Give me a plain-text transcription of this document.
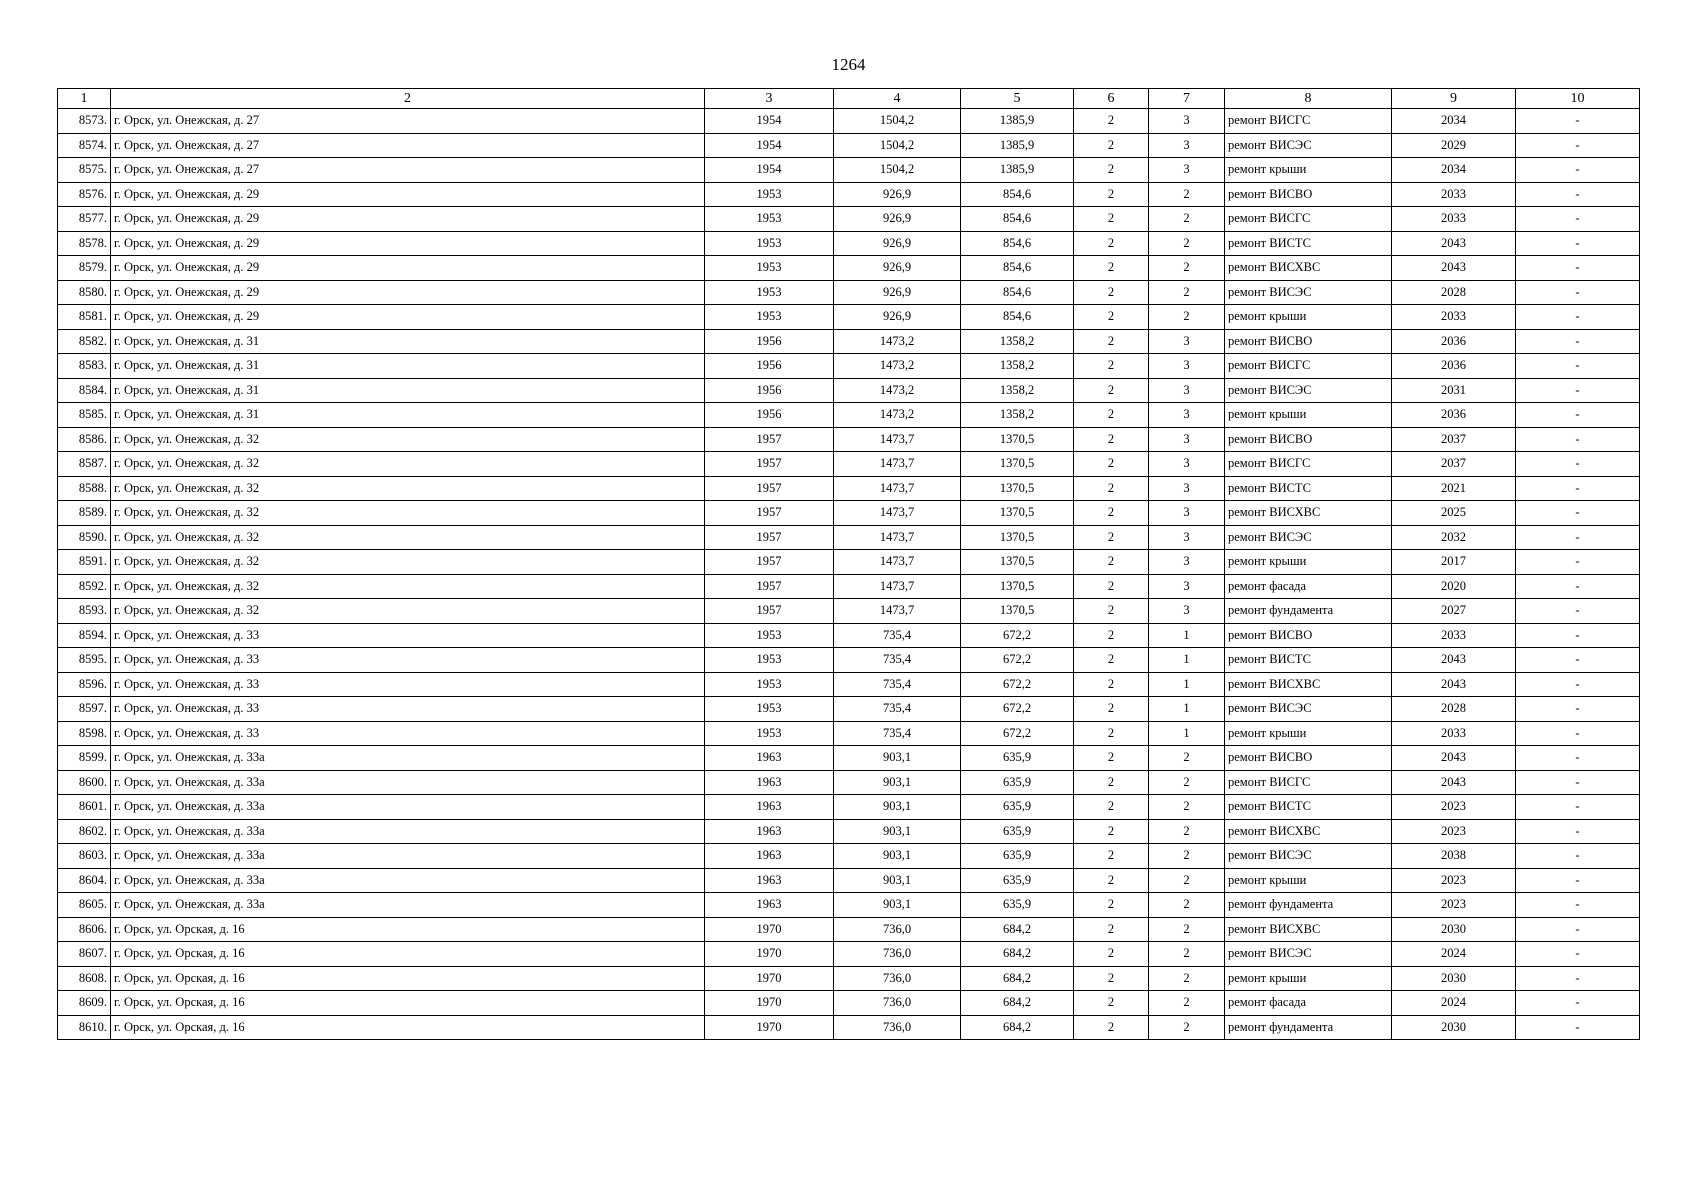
1264
1	2	3	4	5	6	7	8	9	10
8573.	г. Орск, ул. Онежская, д. 27	1954	1504,2	1385,9	2	3	ремонт ВИСГС	2034	-
8574.	г. Орск, ул. Онежская, д. 27	1954	1504,2	1385,9	2	3	ремонт ВИСЭС	2029	-
8575.	г. Орск, ул. Онежская, д. 27	1954	1504,2	1385,9	2	3	ремонт крыши	2034	-
8576.	г. Орск, ул. Онежская, д. 29	1953	926,9	854,6	2	2	ремонт ВИСВО	2033	-
8577.	г. Орск, ул. Онежская, д. 29	1953	926,9	854,6	2	2	ремонт ВИСГС	2033	-
8578.	г. Орск, ул. Онежская, д. 29	1953	926,9	854,6	2	2	ремонт ВИСТС	2043	-
8579.	г. Орск, ул. Онежская, д. 29	1953	926,9	854,6	2	2	ремонт ВИСХВС	2043	-
8580.	г. Орск, ул. Онежская, д. 29	1953	926,9	854,6	2	2	ремонт ВИСЭС	2028	-
8581.	г. Орск, ул. Онежская, д. 29	1953	926,9	854,6	2	2	ремонт крыши	2033	-
8582.	г. Орск, ул. Онежская, д. 31	1956	1473,2	1358,2	2	3	ремонт ВИСВО	2036	-
8583.	г. Орск, ул. Онежская, д. 31	1956	1473,2	1358,2	2	3	ремонт ВИСГС	2036	-
8584.	г. Орск, ул. Онежская, д. 31	1956	1473,2	1358,2	2	3	ремонт ВИСЭС	2031	-
8585.	г. Орск, ул. Онежская, д. 31	1956	1473,2	1358,2	2	3	ремонт крыши	2036	-
8586.	г. Орск, ул. Онежская, д. 32	1957	1473,7	1370,5	2	3	ремонт ВИСВО	2037	-
8587.	г. Орск, ул. Онежская, д. 32	1957	1473,7	1370,5	2	3	ремонт ВИСГС	2037	-
8588.	г. Орск, ул. Онежская, д. 32	1957	1473,7	1370,5	2	3	ремонт ВИСТС	2021	-
8589.	г. Орск, ул. Онежская, д. 32	1957	1473,7	1370,5	2	3	ремонт ВИСХВС	2025	-
8590.	г. Орск, ул. Онежская, д. 32	1957	1473,7	1370,5	2	3	ремонт ВИСЭС	2032	-
8591.	г. Орск, ул. Онежская, д. 32	1957	1473,7	1370,5	2	3	ремонт крыши	2017	-
8592.	г. Орск, ул. Онежская, д. 32	1957	1473,7	1370,5	2	3	ремонт фасада	2020	-
8593.	г. Орск, ул. Онежская, д. 32	1957	1473,7	1370,5	2	3	ремонт фундамента	2027	-
8594.	г. Орск, ул. Онежская, д. 33	1953	735,4	672,2	2	1	ремонт ВИСВО	2033	-
8595.	г. Орск, ул. Онежская, д. 33	1953	735,4	672,2	2	1	ремонт ВИСТС	2043	-
8596.	г. Орск, ул. Онежская, д. 33	1953	735,4	672,2	2	1	ремонт ВИСХВС	2043	-
8597.	г. Орск, ул. Онежская, д. 33	1953	735,4	672,2	2	1	ремонт ВИСЭС	2028	-
8598.	г. Орск, ул. Онежская, д. 33	1953	735,4	672,2	2	1	ремонт крыши	2033	-
8599.	г. Орск, ул. Онежская, д. 33а	1963	903,1	635,9	2	2	ремонт ВИСВО	2043	-
8600.	г. Орск, ул. Онежская, д. 33а	1963	903,1	635,9	2	2	ремонт ВИСГС	2043	-
8601.	г. Орск, ул. Онежская, д. 33а	1963	903,1	635,9	2	2	ремонт ВИСТС	2023	-
8602.	г. Орск, ул. Онежская, д. 33а	1963	903,1	635,9	2	2	ремонт ВИСХВС	2023	-
8603.	г. Орск, ул. Онежская, д. 33а	1963	903,1	635,9	2	2	ремонт ВИСЭС	2038	-
8604.	г. Орск, ул. Онежская, д. 33а	1963	903,1	635,9	2	2	ремонт крыши	2023	-
8605.	г. Орск, ул. Онежская, д. 33а	1963	903,1	635,9	2	2	ремонт фундамента	2023	-
8606.	г. Орск, ул. Орская, д. 16	1970	736,0	684,2	2	2	ремонт ВИСХВС	2030	-
8607.	г. Орск, ул. Орская, д. 16	1970	736,0	684,2	2	2	ремонт ВИСЭС	2024	-
8608.	г. Орск, ул. Орская, д. 16	1970	736,0	684,2	2	2	ремонт крыши	2030	-
8609.	г. Орск, ул. Орская, д. 16	1970	736,0	684,2	2	2	ремонт фасада	2024	-
8610.	г. Орск, ул. Орская, д. 16	1970	736,0	684,2	2	2	ремонт фундамента	2030	-
